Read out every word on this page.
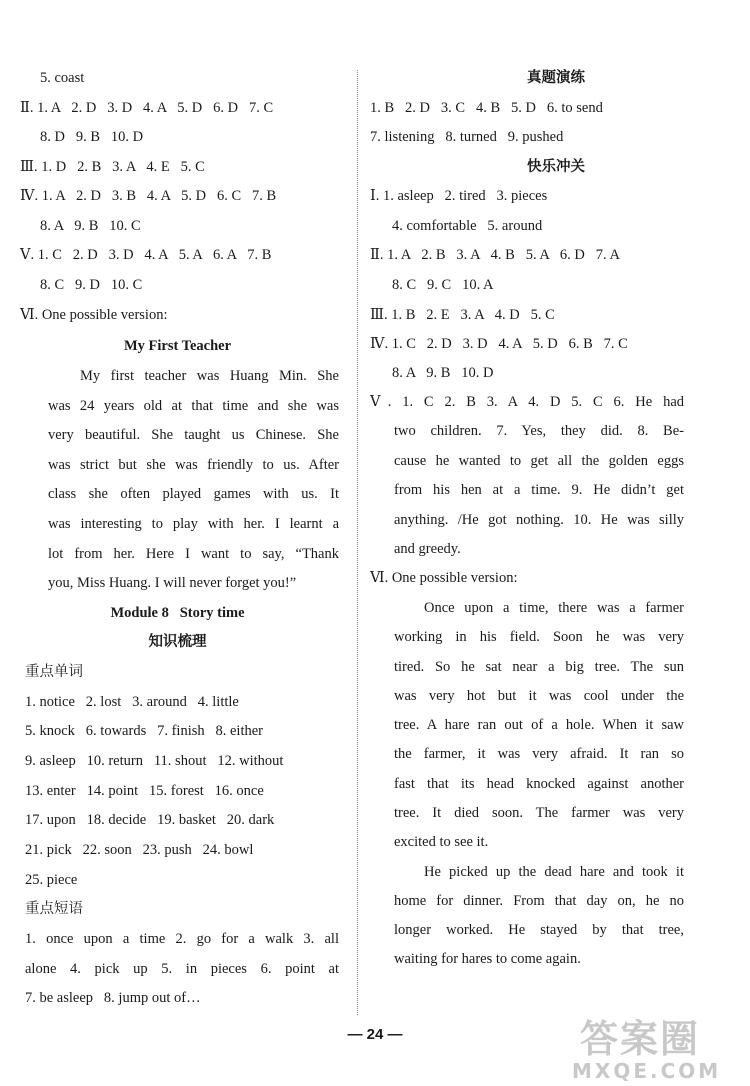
5. coast
Ⅱ. 1. A   2. D   3. D   4. A   5. D   6. D   7. C
8. D   9. B   10. D
Ⅲ. 1. D   2. B   3. A   4. E   5. C
Ⅳ. 1. A   2. D   3. B   4. A   5. D   6. C   7. B
8. A   9. B   10. C
Ⅴ. 1. C   2. D   3. D   4. A   5. A   6. A   7. B
8. C   9. D   10. C
Ⅵ. One possible version:
My First Teacher
My first teacher was Huang Min. She
was 24 years old at that time and she was
very beautiful. She taught us Chinese. She
was strict but she was friendly to us. After
class she often played games with us. It
was interesting to play with her. I learnt a
lot from her. Here I want to say, “Thank
you, Miss Huang. I will never forget you!”
Module 8   Story time
知识梳理
重点单词
1. notice   2. lost   3. around   4. little
5. knock   6. towards   7. finish   8. either
9. asleep   10. return   11. shout   12. without
13. enter   14. point   15. forest   16. once
17. upon   18. decide   19. basket   20. dark
21. pick   22. soon   23. push   24. bowl
25. piece
重点短语
1. once upon a time 2. go for a walk 3. all
alone 4. pick up 5. in pieces 6. point at
7. be asleep   8. jump out of…
真题演练
1. B   2. D   3. C   4. B   5. D   6. to send
7. listening   8. turned   9. pushed
快乐冲关
Ⅰ. 1. asleep   2. tired   3. pieces
4. comfortable   5. around
Ⅱ. 1. A   2. B   3. A   4. B   5. A   6. D   7. A
8. C   9. C   10. A
Ⅲ. 1. B   2. E   3. A   4. D   5. C
Ⅳ. 1. C   2. D   3. D   4. A   5. D   6. B   7. C
8. A   9. B   10. D
Ⅴ. 1. C 2. B 3. A 4. D 5. C 6. He had
two children. 7. Yes, they did. 8. Be-
cause he wanted to get all the golden eggs
from his hen at a time. 9. He didn’t get
anything. /He got nothing. 10. He was silly
and greedy.
Ⅵ. One possible version:
Once upon a time, there was a farmer
working in his field. Soon he was very
tired. So he sat near a big tree. The sun
was very hot but it was cool under the
tree. A hare ran out of a hole. When it saw
the farmer, it was very afraid. It ran so
fast that its head knocked against another
tree. It died soon. The farmer was very
excited to see it.
He picked up the dead hare and took it
home for dinner. From that day on, he no
longer worked. He stayed by that tree,
waiting for hares to come again.
— 24 —	答案圈
MXQE.COM
